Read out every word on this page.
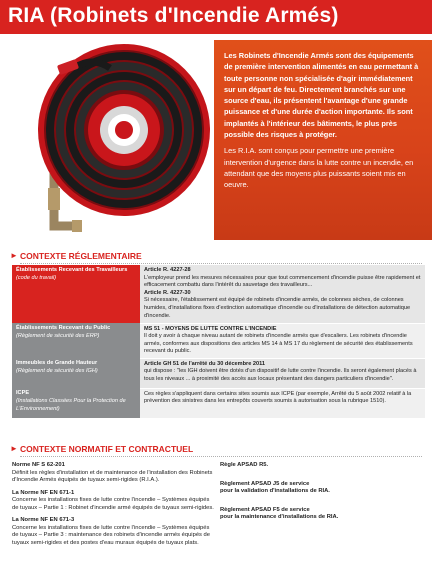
RIA (Robinets d'Incendie Armés)

Les Robinets d'Incendie Armés sont des équipements de première intervention alimentés en eau permettant à toute personne non spécialisée d'agir immédiatement sur un départ de feu. Directement branchés sur une source d'eau, ils présentent l'avantage d'une grande puissance et d'une durée d'action importante. Ils sont implantés à l'intérieur des bâtiments, le plus près possible des risques à protéger.

Les R.I.A. sont conçus pour permettre une première intervention d'urgence dans la lutte contre un incendie, en attendant que des moyens plus puissants soient mis en oeuvre.

► CONTEXTE RÉGLEMENTAIRE
Établissements Recevant des Travailleurs
(code du travail)	Article R. 4227-28
L'employeur prend les mesures nécessaires pour que tout commencement d'incendie puisse être rapidement et efficacement combattu dans l'intérêt du sauvetage des travailleurs...
Article R. 4227-30
Si nécessaire, l'établissement est équipé de robinets d'incendie armés, de colonnes sèches, de colonnes humides, d'installations fixes d'extinction automatique d'incendie ou d'installations de détection automatique d'incendie.

Établissements Recevant du Public
(Règlement de sécurité des ERP)	MS 51 - MOYENS DE LUTTE CONTRE L'INCENDIE
Il doit y avoir à chaque niveau autant de robinets d'incendie armés que d'escaliers. Les robinets d'incendie armés, conformes aux dispositions des articles MS 14 à MS 17 du règlement de sécurité des établissements recevant du public.

Immeubles de Grande Hauteur
(Règlement de sécurité des IGH)	Article GH 51 de l'arrêté du 30 décembre 2011
qui dispose : "les IGH doivent être dotés d'un dispositif de lutte contre l'incendie. Ils seront également placés à tous les niveaux ... à proximité des accès aux locaux présentant des dangers particuliers d'incendie".

ICPE
(Installations Classées Pour la Protection de L'Environnement)	Ces règles s'appliquent dans certains sites soumis aux ICPE (par exemple, Arrêté du 5 août 2002 relatif à la prévention des sinistres dans les entrepôts couverts soumis à autorisation sous la rubrique 1510).
► CONTEXTE NORMATIF ET CONTRACTUEL
Norme NF S 62-201
Définit les règles d'installation et de maintenance de l'installation des Robinets d'Incendie Armés équipés de tuyaux semi-rigides (R.I.A.).
La Norme NF EN 671-1
Concerne les installations fixes de lutte contre l'incendie – Systèmes équipés de tuyaux – Partie 1 : Robinet d'incendie armé équipés de tuyaux semi-rigides.
La Norme NF EN 671-3
Concerne les installations fixes de lutte contre l'incendie – Systèmes équipés de tuyaux – Partie 3 : maintenance des robinets d'incendie armés équipés de tuyaux semi-rigides et des postes d'eau muraux équipés de tuyaux plats.
Règle APSAD R5.
Règlement APSAD J5 de service
pour la validation d'installations de RIA.
Règlement APSAD F5 de service
pour la maintenance d'installations de RIA.
